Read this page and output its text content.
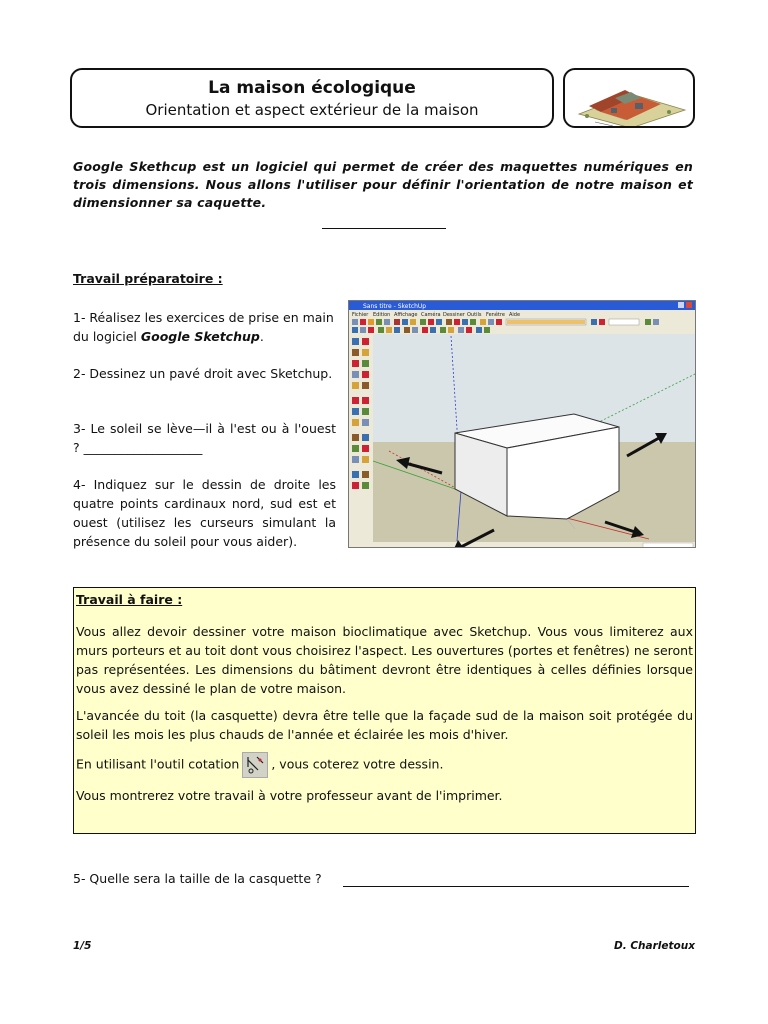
La maison écologique
Orientation et aspect extérieur de la maison
Google Skethcup est un logiciel qui permet de créer des maquettes numériques en trois dimensions. Nous allons l'utiliser pour définir l'orientation de notre maison et dimensionner sa caquette.
Travail préparatoire :
1- Réalisez les exercices de prise en main du logiciel Google Sketchup.
2- Dessinez un pavé droit avec Sketchup.
3- Le soleil se lève—il à l'est ou à l'ouest ? ___________________
4- Indiquez sur le dessin de droite les quatre points cardinaux nord, sud est et ouest (utilisez les curseurs simulant la présence du soleil pour vous aider).
Sans titre - SketchUp
Fichier Edition Affichage Caméra Dessiner Outils Fenêtre Aide

Travail à faire :

Vous allez devoir dessiner votre maison bioclimatique avec Sketchup. Vous vous limiterez aux murs porteurs et au toit dont vous choisirez l'aspect. Les ouvertures (portes et fenêtres) ne seront pas représentées. Les dimensions du bâtiment devront être identiques à celles définies lorsque vous avez dessiné le plan de votre maison.

L'avancée du toit (la casquette) devra être telle que la façade sud de la maison soit protégée du soleil les mois les plus chauds de l'année et éclairée les mois d'hiver.

En utilisant l'outil cotation	, vous coterez votre dessin.

Vous montrerez votre travail à votre professeur avant de l'imprimer.

5- Quelle sera la taille de la casquette ?
1/5	D. Charletoux
